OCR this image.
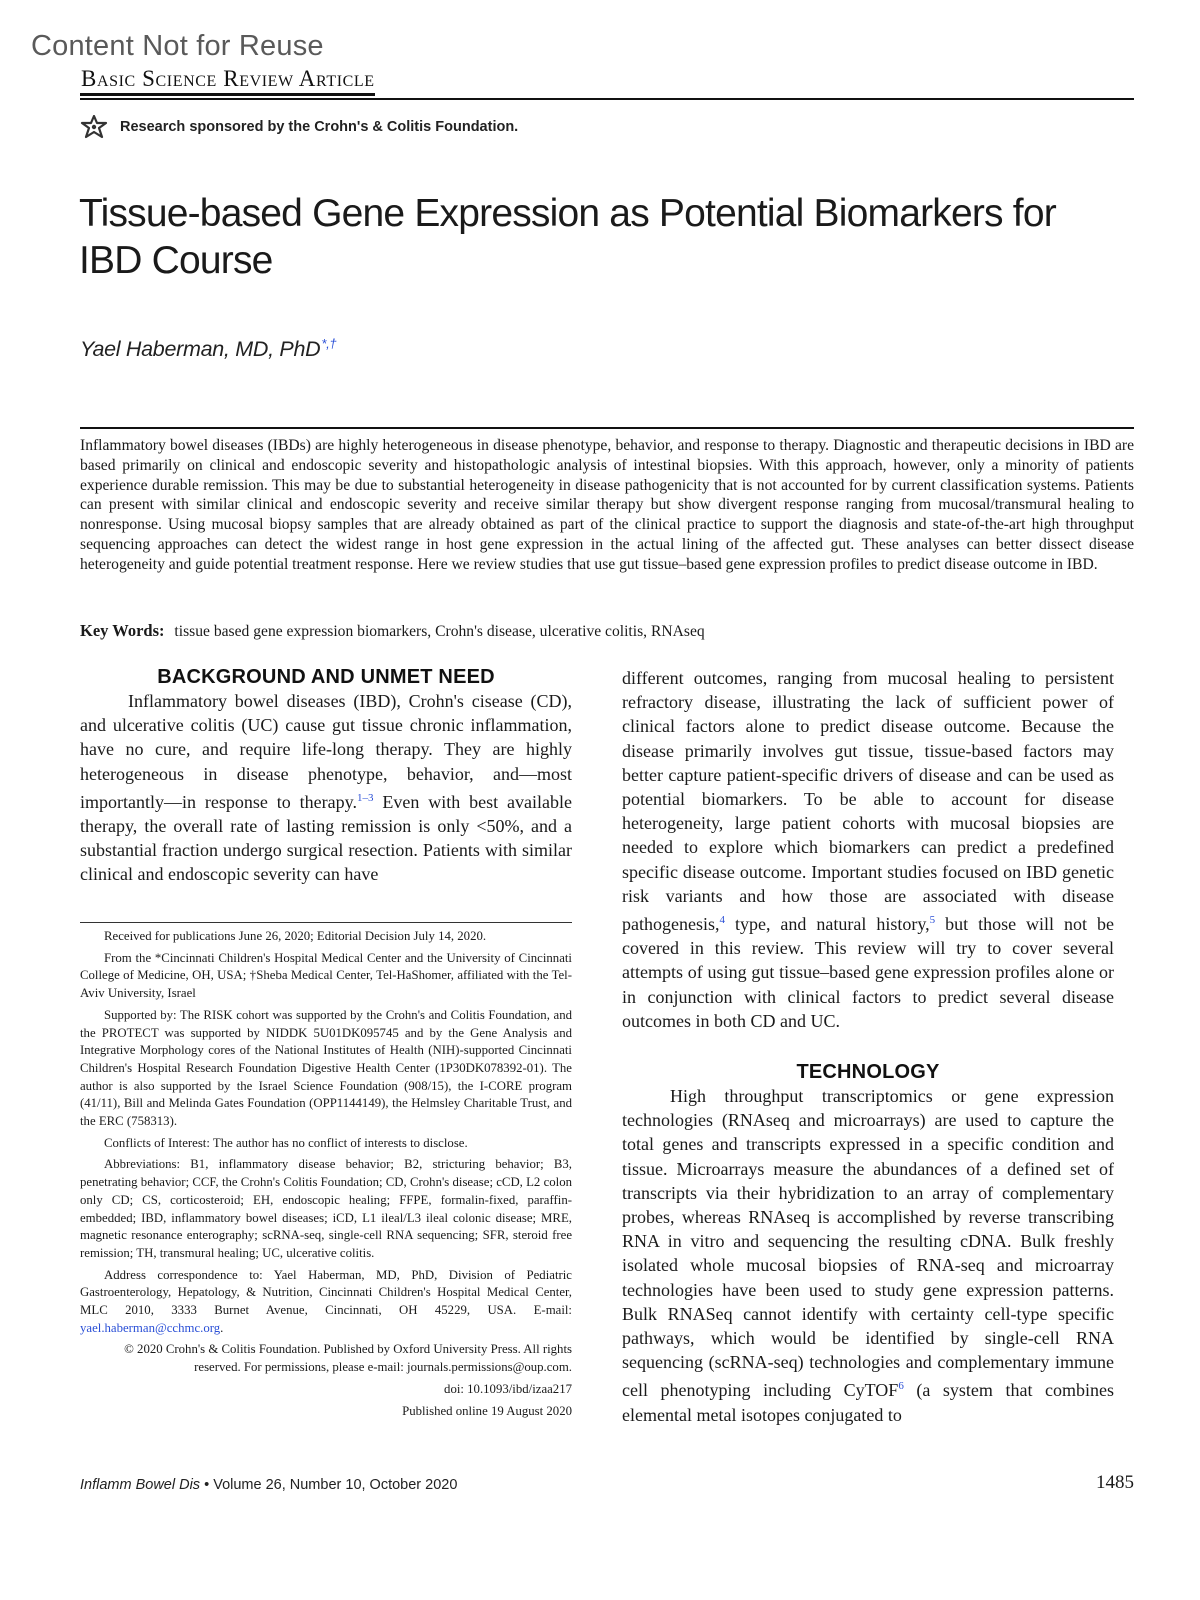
Content Not for Reuse
Basic Science Review Article
Research sponsored by the Crohn's & Colitis Foundation.
Tissue-based Gene Expression as Potential Biomarkers for IBD Course
Yael Haberman, MD, PhD*,†

Inflammatory bowel diseases (IBDs) are highly heterogeneous in disease phenotype, behavior, and response to therapy. Diagnostic and therapeutic decisions in IBD are based primarily on clinical and endoscopic severity and histopathologic analysis of intestinal biopsies. With this approach, however, only a minority of patients experience durable remission. This may be due to substantial heterogeneity in disease pathogenicity that is not accounted for by current classification systems. Patients can present with similar clinical and endoscopic severity and receive similar therapy but show divergent response ranging from mucosal/transmural healing to nonresponse. Using mucosal biopsy samples that are already obtained as part of the clinical practice to support the diagnosis and state-of-the-art high throughput sequencing approaches can detect the widest range in host gene expression in the actual lining of the affected gut. These analyses can better dissect disease heterogeneity and guide potential treatment response. Here we review studies that use gut tissue–based gene expression profiles to predict disease outcome in IBD.

Key Words: tissue based gene expression biomarkers, Crohn's disease, ulcerative colitis, RNAseq
BACKGROUND AND UNMET NEED

Inflammatory bowel diseases (IBD), Crohn's cisease (CD), and ulcerative colitis (UC) cause gut tissue chronic inflammation, have no cure, and require life-long therapy. They are highly heterogeneous in disease phenotype, behavior, and—most importantly—in response to therapy.$^{1-3}$ Even with best available therapy, the overall rate of lasting remission is only <50%, and a substantial fraction undergo surgical resection. Patients with similar clinical and endoscopic severity can have

Received for publications June 26, 2020; Editorial Decision July 14, 2020.

From the *Cincinnati Children's Hospital Medical Center and the University of Cincinnati College of Medicine, OH, USA; †Sheba Medical Center, Tel-HaShomer, affiliated with the Tel-Aviv University, Israel

Supported by: The RISK cohort was supported by the Crohn's and Colitis Foundation, and the PROTECT was supported by NIDDK 5U01DK095745 and by the Gene Analysis and Integrative Morphology cores of the National Institutes of Health (NIH)-supported Cincinnati Children's Hospital Research Foundation Digestive Health Center (1P30DK078392-01). The author is also supported by the Israel Science Foundation (908/15), the I-CORE program (41/11), Bill and Melinda Gates Foundation (OPP1144149), the Helmsley Charitable Trust, and the ERC (758313).

Conflicts of Interest: The author has no conflict of interests to disclose.

Abbreviations: B1, inflammatory disease behavior; B2, stricturing behavior; B3, penetrating behavior; CCF, the Crohn's Colitis Foundation; CD, Crohn's disease; cCD, L2 colon only CD; CS, corticosteroid; EH, endoscopic healing; FFPE, formalin-fixed, paraffin-embedded; IBD, inflammatory bowel diseases; iCD, L1 ileal/L3 ileal colonic disease; MRE, magnetic resonance enterography; scRNA-seq, single-cell RNA sequencing; SFR, steroid free remission; TH, transmural healing; UC, ulcerative colitis.

Address correspondence to: Yael Haberman, MD, PhD, Division of Pediatric Gastroenterology, Hepatology, & Nutrition, Cincinnati Children's Hospital Medical Center, MLC 2010, 3333 Burnet Avenue, Cincinnati, OH 45229, USA. E-mail: yael.haberman@cchmc.org.

© 2020 Crohn's & Colitis Foundation. Published by Oxford University Press. All rights reserved. For permissions, please e-mail: journals.permissions@oup.com.

doi: 10.1093/ibd/izaa217

Published online 19 August 2020

different outcomes, ranging from mucosal healing to persistent refractory disease, illustrating the lack of sufficient power of clinical factors alone to predict disease outcome. Because the disease primarily involves gut tissue, tissue-based factors may better capture patient-specific drivers of disease and can be used as potential biomarkers. To be able to account for disease heterogeneity, large patient cohorts with mucosal biopsies are needed to explore which biomarkers can predict a predefined specific disease outcome. Important studies focused on IBD genetic risk variants and how those are associated with disease pathogenesis,$^4$ type, and natural history,$^5$ but those will not be covered in this review. This review will try to cover several attempts of using gut tissue–based gene expression profiles alone or in conjunction with clinical factors to predict several disease outcomes in both CD and UC.

TECHNOLOGY

High throughput transcriptomics or gene expression technologies (RNAseq and microarrays) are used to capture the total genes and transcripts expressed in a specific condition and tissue. Microarrays measure the abundances of a defined set of transcripts via their hybridization to an array of complementary probes, whereas RNAseq is accomplished by reverse transcribing RNA in vitro and sequencing the resulting cDNA. Bulk freshly isolated whole mucosal biopsies of RNA-seq and microarray technologies have been used to study gene expression patterns. Bulk RNASeq cannot identify with certainty cell-type specific pathways, which would be identified by single-cell RNA sequencing (scRNA-seq) technologies and complementary immune cell phenotyping including CyTOF$^6$ (a system that combines elemental metal isotopes conjugated to

Inflamm Bowel Dis • Volume 26, Number 10, October 2020	1485
